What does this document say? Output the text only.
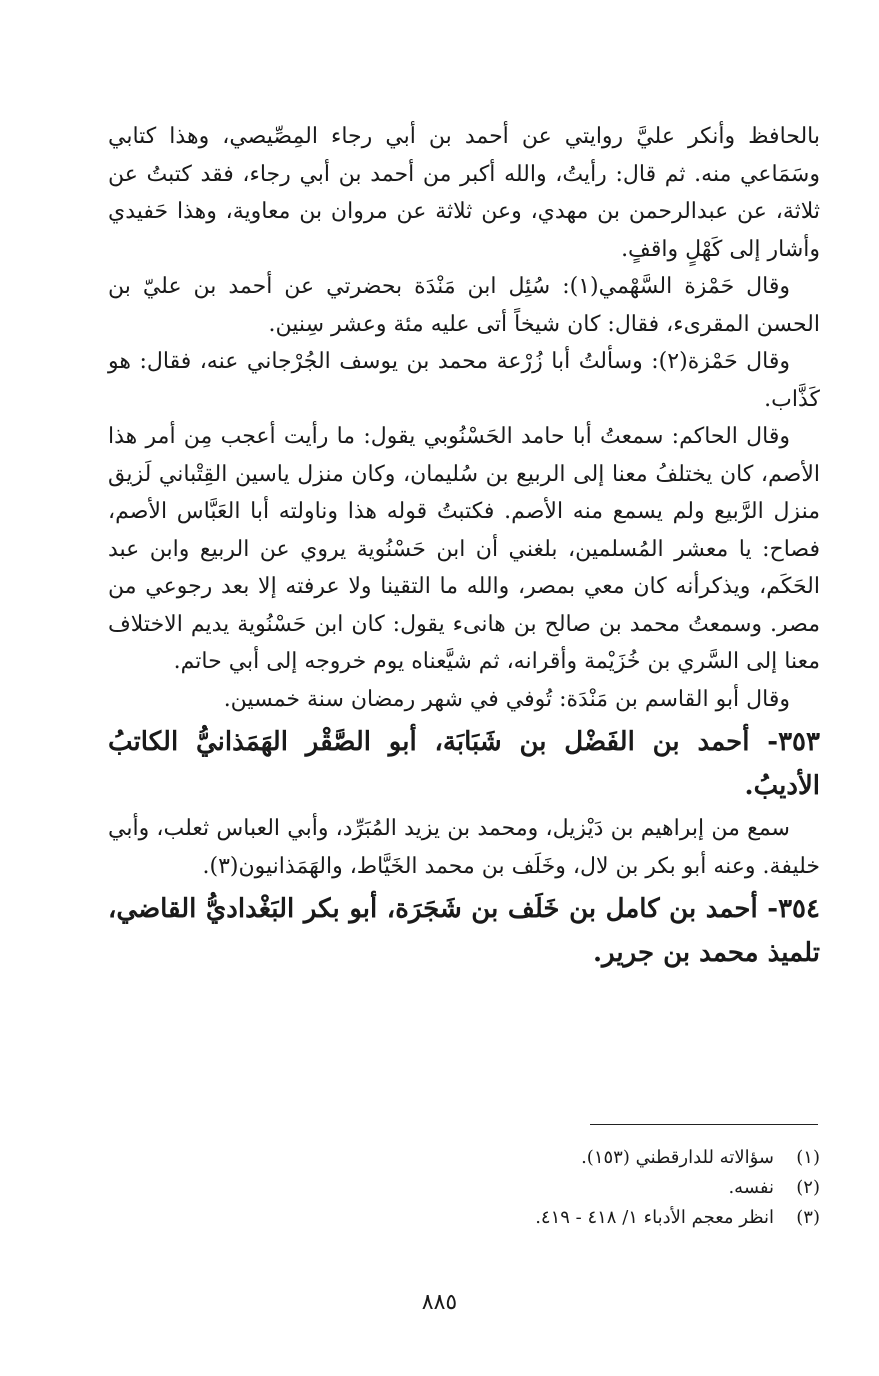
بالحافظ وأنكر عليَّ روايتي عن أحمد بن أبي رجاء المِصِّيصي، وهذا كتابي وسَمَاعي منه. ثم قال: رأيتُ، والله أكبر من أحمد بن أبي رجاء، فقد كتبتُ عن ثلاثة، عن عبدالرحمن بن مهدي، وعن ثلاثة عن مروان بن معاوية، وهذا حَفيدي وأشار إلى كَهْلٍ واقفٍ.

وقال حَمْزة السَّهْمي(١): سُئِل ابن مَنْدَة بحضرتي عن أحمد بن عليّ بن الحسن المقرىء، فقال: كان شيخاً أتى عليه مئة وعشر سِنين.

وقال حَمْزة(٢): وسألتُ أبا زُرْعة محمد بن يوسف الجُرْجاني عنه، فقال: هو كَذَّاب.

وقال الحاكم: سمعتُ أبا حامد الحَسْنُوبي يقول: ما رأيت أعجب مِن أمر هذا الأصم، كان يختلفُ معنا إلى الربيع بن سُليمان، وكان منزل ياسين القِتْباني لَزيق منزل الرَّبيع ولم يسمع منه الأصم. فكتبتُ قوله هذا وناولته أبا العَبَّاس الأصم، فصاح: يا معشر المُسلمين، بلغني أن ابن حَسْنُوية يروي عن الربيع وابن عبد الحَكَم، ويذكرأنه كان معي بمصر، والله ما التقينا ولا عرفته إلا بعد رجوعي من مصر. وسمعتُ محمد بن صالح بن هانىء يقول: كان ابن حَسْنُوية يديم الاختلاف معنا إلى السَّري بن خُزَيْمة وأقرانه، ثم شيَّعناه يوم خروجه إلى أبي حاتم.

وقال أبو القاسم بن مَنْدَة: تُوفي في شهر رمضان سنة خمسين.

٣٥٣- أحمد بن الفَضْل بن شَبَابَة، أبو الصَّقْر الهَمَذانيُّ الكاتبُ الأديبُ.

سمع من إبراهيم بن دَيْزيل، ومحمد بن يزيد المُبَرِّد، وأبي العباس ثعلب، وأبي خليفة. وعنه أبو بكر بن لال، وخَلَف بن محمد الخَيَّاط، والهَمَذانيون(٣).

٣٥٤- أحمد بن كامل بن خَلَف بن شَجَرَة، أبو بكر البَغْداديُّ القاضي، تلميذ محمد بن جرير.

(١)سؤالاته للدارقطني (١٥٣).

(٢)نفسه.

(٣)انظر معجم الأدباء ١/ ٤١٨ - ٤١٩.

٨٨٥
